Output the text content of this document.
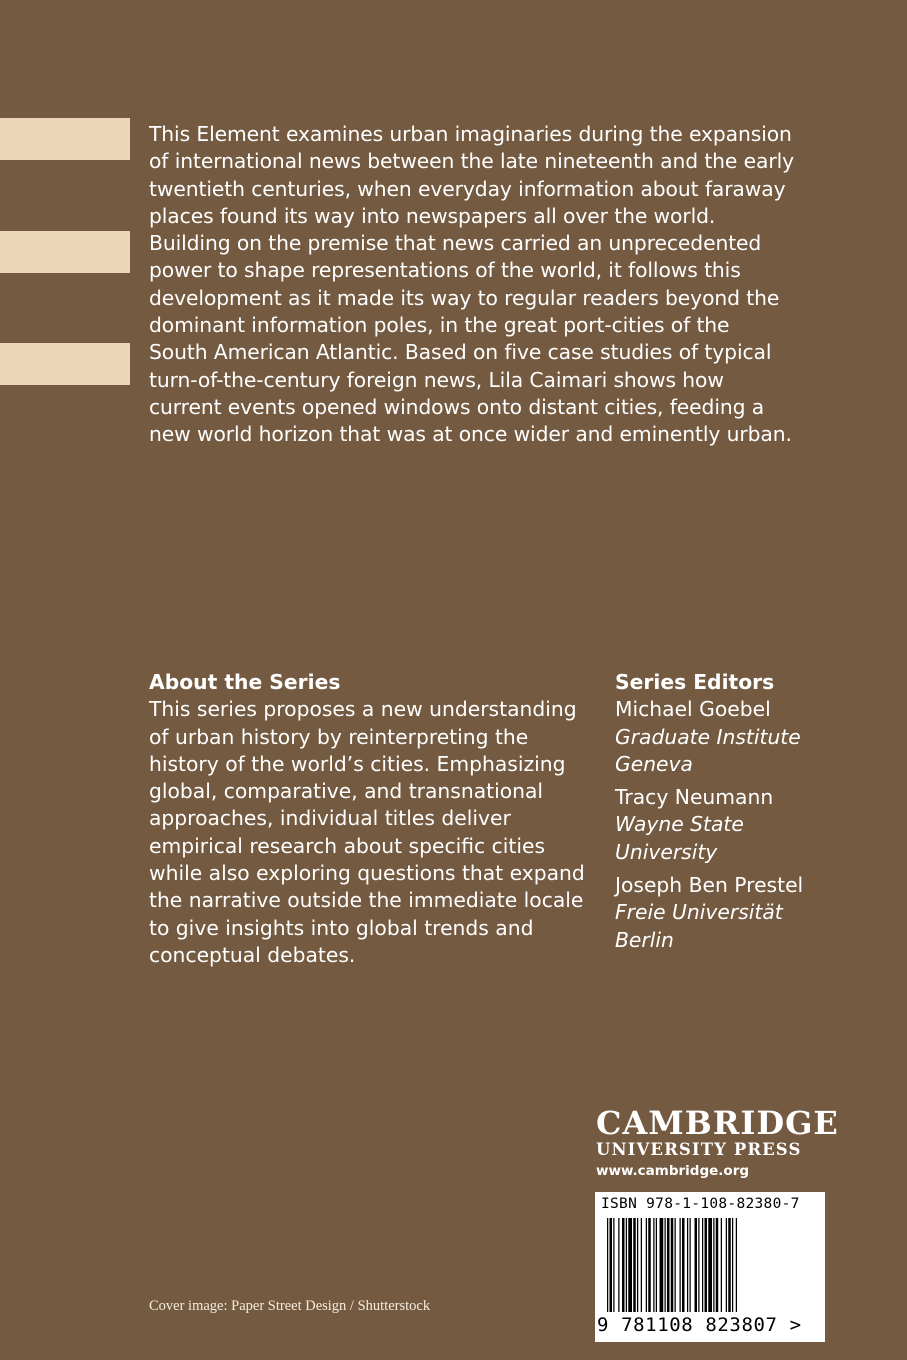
This Element examines urban imaginaries during the expansion
of international news between the late nineteenth and the early
twentieth centuries, when everyday information about faraway
places found its way into newspapers all over the world.
Building on the premise that news carried an unprecedented
power to shape representations of the world, it follows this
development as it made its way to regular readers beyond the
dominant information poles, in the great port-cities of the
South American Atlantic. Based on five case studies of typical
turn-of-the-century foreign news, Lila Caimari shows how
current events opened windows onto distant cities, feeding a
new world horizon that was at once wider and eminently urban.
About the Series
This series proposes a new understanding
of urban history by reinterpreting the
history of the world’s cities. Emphasizing
global, comparative, and transnational
approaches, individual titles deliver
empirical research about specific cities
while also exploring questions that expand
the narrative outside the immediate locale
to give insights into global trends and
conceptual debates.
Series Editors
Michael Goebel
Graduate Institute
Geneva
Tracy Neumann
Wayne State
University
Joseph Ben Prestel
Freie Universität
Berlin
CAMBRIDGE
UNIVERSITY PRESS
www.cambridge.org
ISBN 978-1-108-82380-7
9 781108 823807 >
Cover image: Paper Street Design / Shutterstock
